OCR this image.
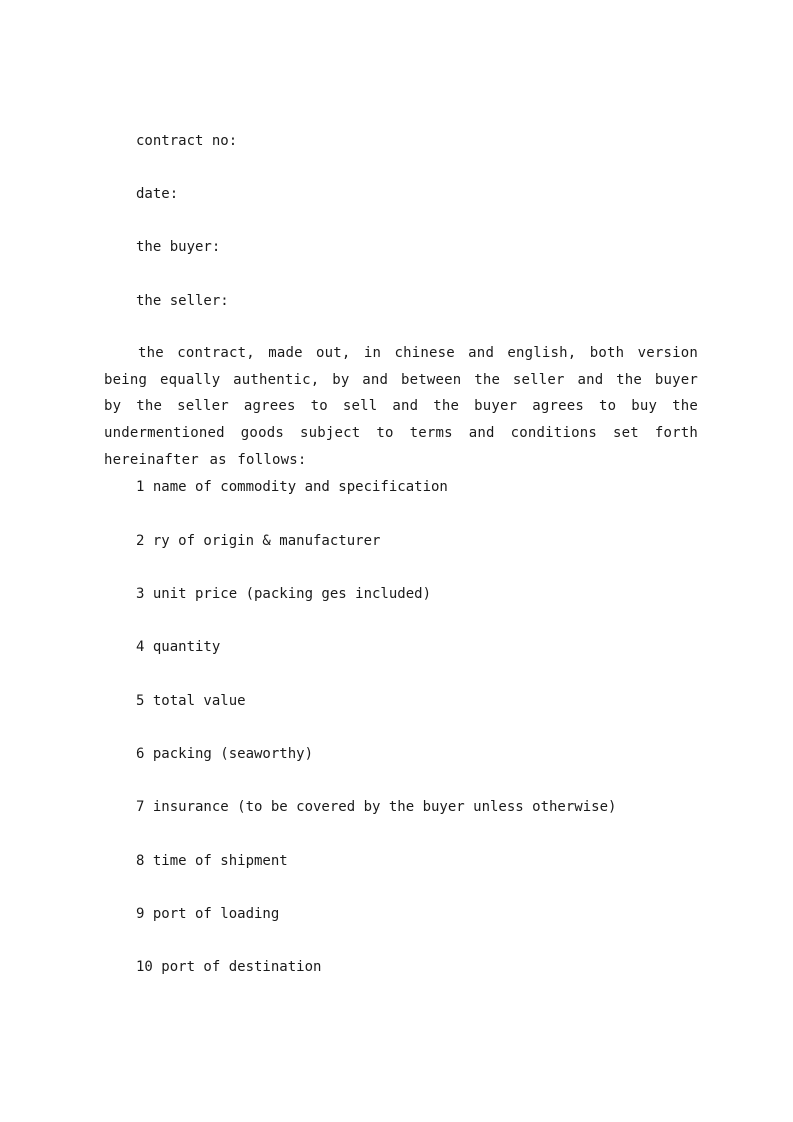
contract no:
date:
the buyer:
the seller:
the contract, made out, in chinese and english, both version being equally authentic, by and between the seller and the buyer by the seller agrees to sell and the buyer agrees to buy the undermentioned goods subject to terms and conditions set forth hereinafter as follows:
1 name of commodity and specification
2 ry of origin & manufacturer
3 unit price (packing ges included)
4 quantity
5 total value
6 packing (seaworthy)
7 insurance (to be covered by the buyer unless otherwise)
8 time of shipment
9 port of loading
10 port of destination
